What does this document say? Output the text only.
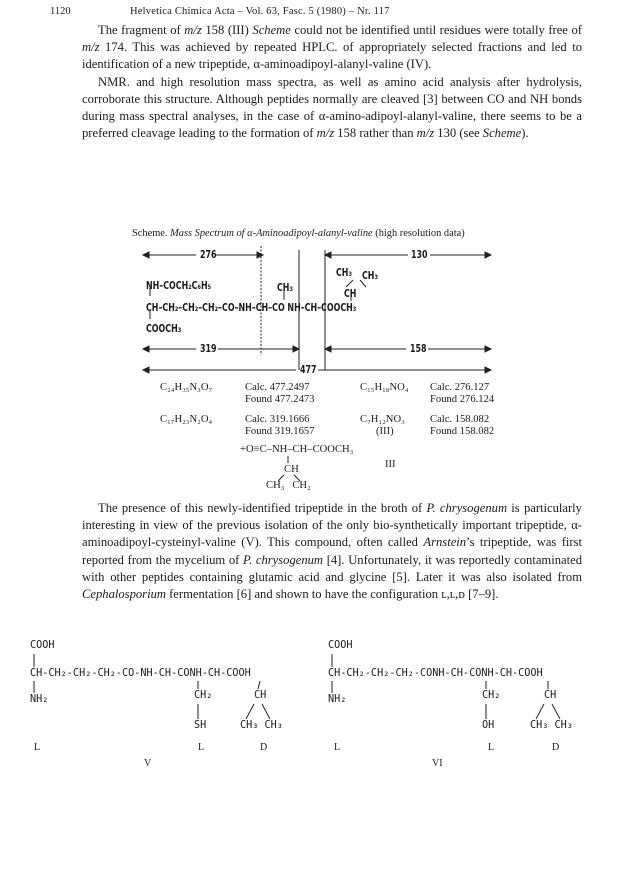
1120	Helvetica Chimica Acta – Vol. 63, Fasc. 5 (1980) – Nr. 117

The fragment of m/z 158 (III) Scheme could not be identified until residues were totally free of m/z 174. This was achieved by repeated HPLC. of appropriately selected fractions and led to identification of a new tripeptide, α-aminoadipoyl-alanyl-valine (IV).

NMR. and high resolution mass spectra, as well as amino acid analysis after hydrolysis, corroborate this structure. Although peptides normally are cleaved [3] between CO and NH bonds during mass spectral analyses, in the case of α-amino-adipoyl-alanyl-valine, there seems to be a preferred cleavage leading to the formation of m/z 158 rather than m/z 130 (see Scheme).

Scheme. Mass Spectrum of α-Aminoadipoyl-alanyl-valine (high resolution data)
276	130
319	158
477
NH–COCH₂C₆H₅	CH₃
CH₃ CH₃
CH
CH–CH₂–CH₂–CH₂–CO–NH–CH–CO NH–CH–COOCH₃
COOCH₃
C₂₄H₃₅N₃O₇	Calc. 477.2497
Found 477.2473
C₁₅H₁₈NO₄ Calc. 276.127
Found 276.124
C₁₇H₂₃N₂O₄	Calc. 319.1666
Found 319.1657
C₇H₁₂NO₃
(III)
Calc. 158.082
Found 158.082
+O≡C–NH–CH–COOCH₃
CH
CH₃   CH₂
III

The presence of this newly-identified tripeptide in the broth of P. chrysogenum is particularly interesting in view of the previous isolation of the only bio-synthetically important tripeptide, α-aminoadipoyl-cysteinyl-valine (V). This compound, often called Arnstein’s tripeptide, was first reported from the mycelium of P. chrysogenum [4]. Unfortunately, it was reportedly contaminated with other peptides containing glutamic acid and glycine [5]. Later it was also isolated from Cephalosporium fermentation [6] and shown to have the configuration ʟ,ʟ,ᴅ [7–9].

COOH
CH-CH₂-CH₂-CH₂-CO-NH-CH-CONH-CH-COOH
NH₂	CH₂	CH
SH	CH₃ CH₃
L	L	D
V
COOH
CH-CH₂-CH₂-CH₂-CONH-CH-CONH-CH-COOH
NH₂	CH₂	CH
OH	CH₃ CH₃
L	L	D
VI
